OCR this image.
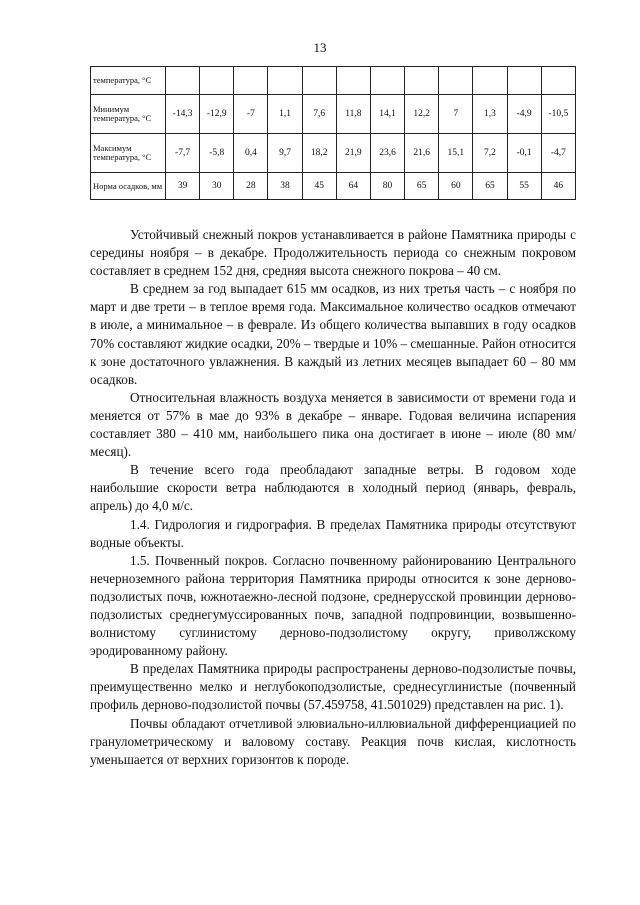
13
температура, °С												
Минимум температура, °С	-14,3	-12,9	-7	1,1	7,6	11,8	14,1	12,2	7	1,3	-4,9	-10,5
Максимум температура, °С	-7,7	-5,8	0,4	9,7	18,2	21,9	23,6	21,6	15,1	7,2	-0,1	-4,7
Норма осадков, мм	39	30	28	38	45	64	80	65	60	65	55	46

Устойчивый снежный покров устанавливается в районе Памятника природы с середины ноября – в декабре. Продолжительность периода со снежным покровом составляет в среднем 152 дня, средняя высота снежного покрова – 40 см.

В среднем за год выпадает 615 мм осадков, из них третья часть – с ноября по март и две трети – в теплое время года. Максимальное количество осадков отмечают в июле, а минимальное – в феврале. Из общего количества выпавших в году осадков 70% составляют жидкие осадки, 20% – твердые и 10% – смешанные. Район относится к зоне достаточного увлажнения. В каждый из летних месяцев выпадает 60 – 80 мм осадков.

Относительная влажность воздуха меняется в зависимости от времени года и меняется от 57% в мае до 93% в декабре – январе. Годовая величина испарения составляет 380 – 410 мм, наибольшего пика она достигает в июне – июле (80 мм/месяц).

В течение всего года преобладают западные ветры. В годовом ходе наибольшие скорости ветра наблюдаются в холодный период (январь, февраль, апрель) до 4,0 м/с.

1.4. Гидрология и гидрография. В пределах Памятника природы отсутствуют водные объекты.

1.5. Почвенный покров. Согласно почвенному районированию Центрального нечерноземного района территория Памятника природы относится к зоне дерново-подзолистых почв, южнотаежно-лесной подзоне, среднерусской провинции дерново-подзолистых среднегумуссированных почв, западной подпровинции, возвышенно-волнистому суглинистому дерново-подзолистому округу, приволжскому эродированному району.

В пределах Памятника природы распространены дерново-подзолистые почвы, преимущественно мелко и неглубокоподзолистые, среднесуглинистые (почвенный профиль дерново-подзолистой почвы (57.459758, 41.501029) представлен на рис. 1).

Почвы обладают отчетливой элювиально-иллювиальной дифференциацией по гранулометрическому и валовому составу. Реакция почв кислая, кислотность уменьшается от верхних горизонтов к породе.
